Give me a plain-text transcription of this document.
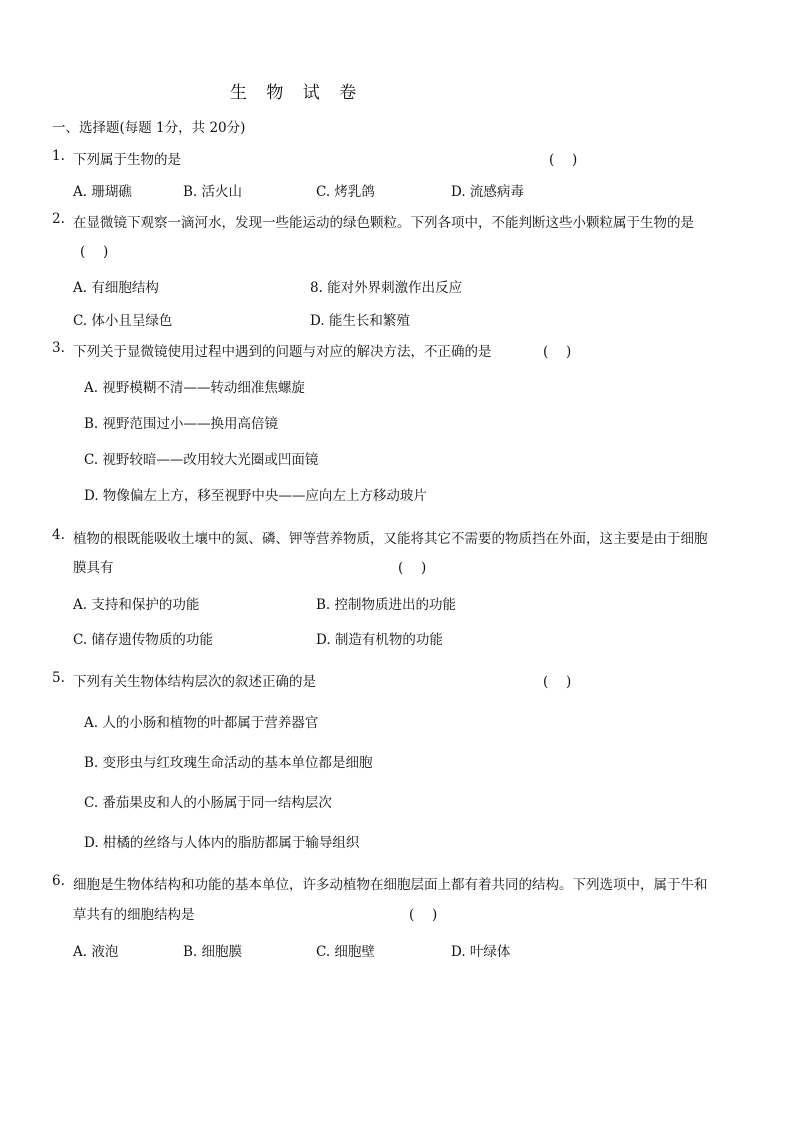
生 物 试 卷
一、选择题(每题 1分，共 20分)
1. 下列属于生物的是	(　 )
A. 珊瑚礁	B. 活火山	C. 烤乳鸽	D. 流感病毒
2. 在显微镜下观察一滴河水，发现一些能运动的绿色颗粒。下列各项中，不能判断这些小颗粒属于生物的是
(　 )
A. 有细胞结构	8. 能对外界刺激作出反应
C. 体小且呈绿色	D. 能生长和繁殖
3. 下列关于显微镜使用过程中遇到的问题与对应的解决方法，不正确的是	(　 )
A. 视野模糊不清——转动细准焦螺旋
B. 视野范围过小——换用高倍镜
C. 视野较暗——改用较大光圈或凹面镜
D. 物像偏左上方，移至视野中央——应向左上方移动玻片
4. 植物的根既能吸收土壤中的氮、磷、钾等营养物质，又能将其它不需要的物质挡在外面，这主要是由于细胞
膜具有	(　 )
A. 支持和保护的功能	B. 控制物质进出的功能
C. 储存遗传物质的功能	D. 制造有机物的功能
5. 下列有关生物体结构层次的叙述正确的是	(　 )
A. 人的小肠和植物的叶都属于营养器官
B. 变形虫与红玫瑰生命活动的基本单位都是细胞
C. 番茄果皮和人的小肠属于同一结构层次
D. 柑橘的丝络与人体内的脂肪都属于输导组织
6. 细胞是生物体结构和功能的基本单位，许多动植物在细胞层面上都有着共同的结构。下列选项中，属于牛和
草共有的细胞结构是	(　 )
A. 液泡	B. 细胞膜	C. 细胞壁	D. 叶绿体
